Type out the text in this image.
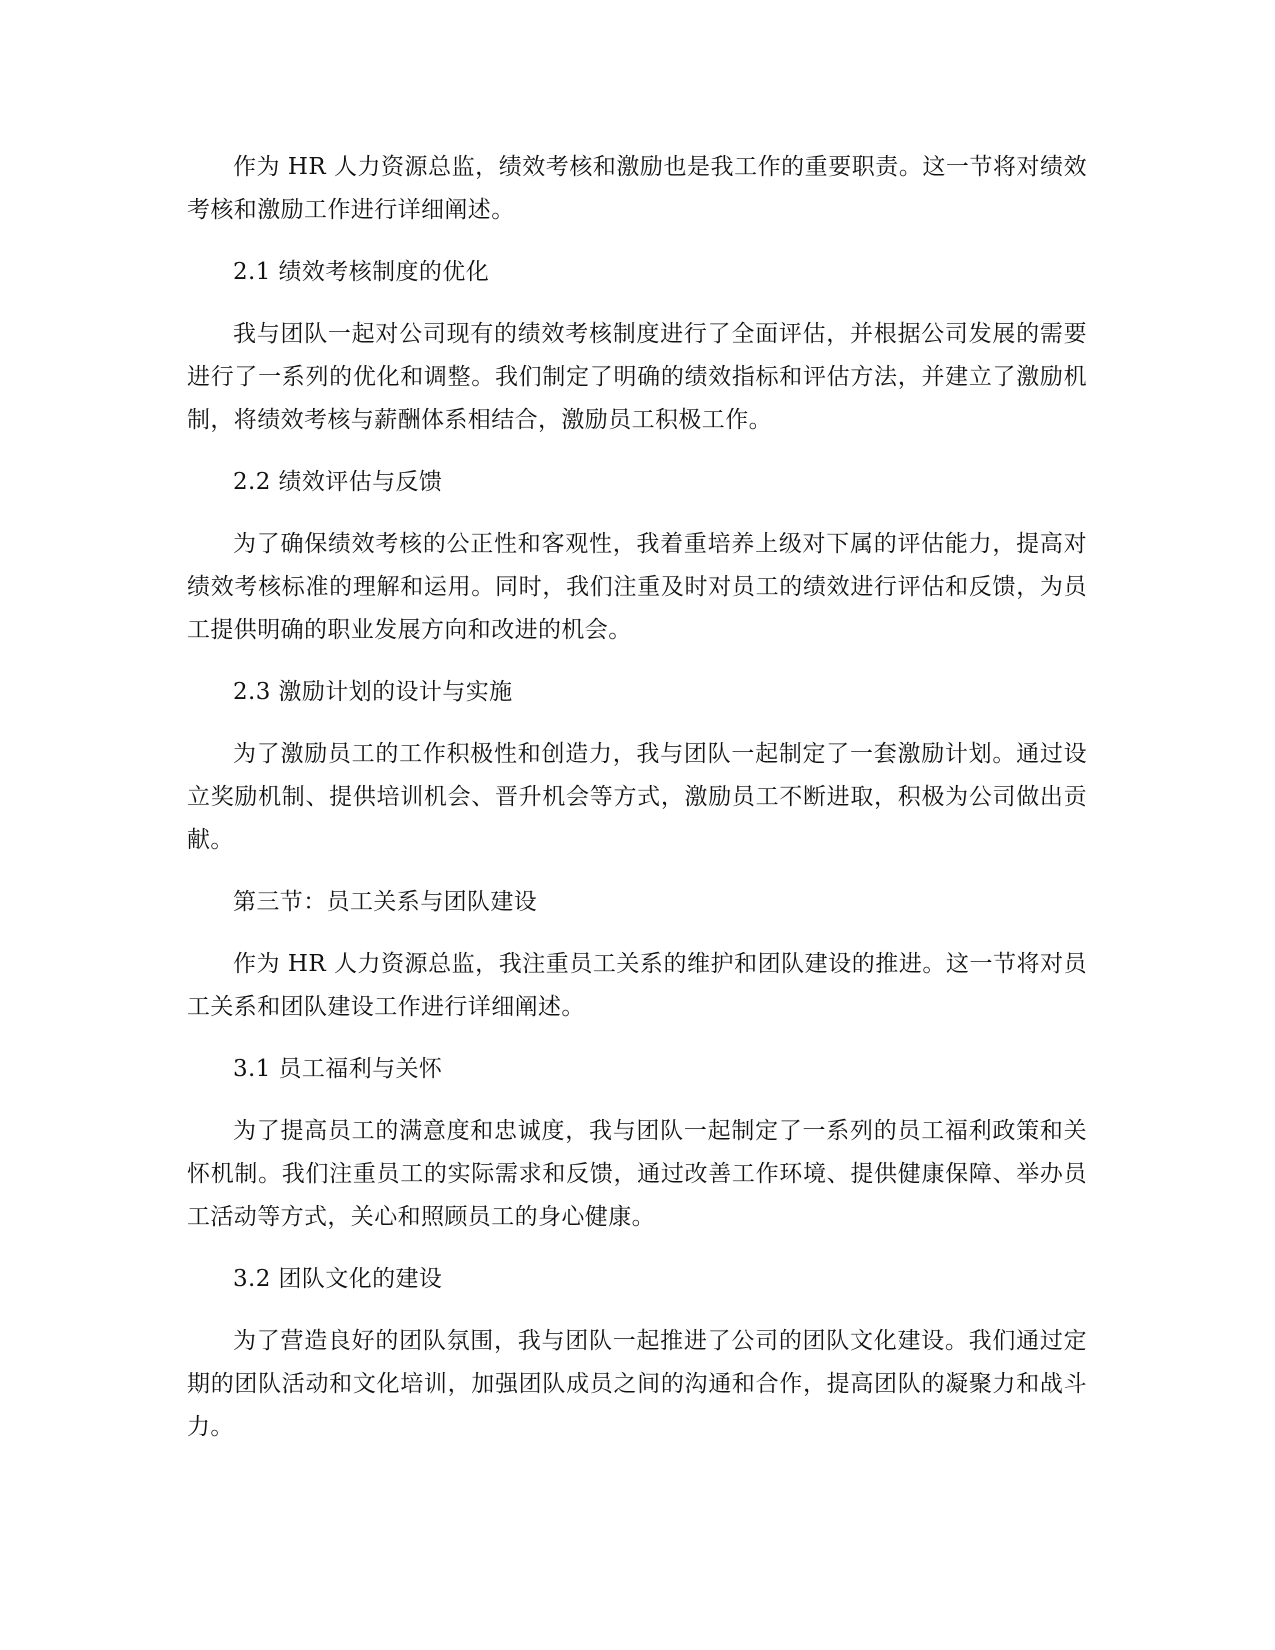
作为 HR 人力资源总监，绩效考核和激励也是我工作的重要职责。这一节将对绩效考核和激励工作进行详细阐述。

2.1 绩效考核制度的优化

我与团队一起对公司现有的绩效考核制度进行了全面评估，并根据公司发展的需要进行了一系列的优化和调整。我们制定了明确的绩效指标和评估方法，并建立了激励机制，将绩效考核与薪酬体系相结合，激励员工积极工作。

2.2 绩效评估与反馈

为了确保绩效考核的公正性和客观性，我着重培养上级对下属的评估能力，提高对绩效考核标准的理解和运用。同时，我们注重及时对员工的绩效进行评估和反馈，为员工提供明确的职业发展方向和改进的机会。

2.3 激励计划的设计与实施

为了激励员工的工作积极性和创造力，我与团队一起制定了一套激励计划。通过设立奖励机制、提供培训机会、晋升机会等方式，激励员工不断进取，积极为公司做出贡献。

第三节：员工关系与团队建设

作为 HR 人力资源总监，我注重员工关系的维护和团队建设的推进。这一节将对员工关系和团队建设工作进行详细阐述。

3.1 员工福利与关怀

为了提高员工的满意度和忠诚度，我与团队一起制定了一系列的员工福利政策和关怀机制。我们注重员工的实际需求和反馈，通过改善工作环境、提供健康保障、举办员工活动等方式，关心和照顾员工的身心健康。

3.2 团队文化的建设

为了营造良好的团队氛围，我与团队一起推进了公司的团队文化建设。我们通过定期的团队活动和文化培训，加强团队成员之间的沟通和合作，提高团队的凝聚力和战斗力。
